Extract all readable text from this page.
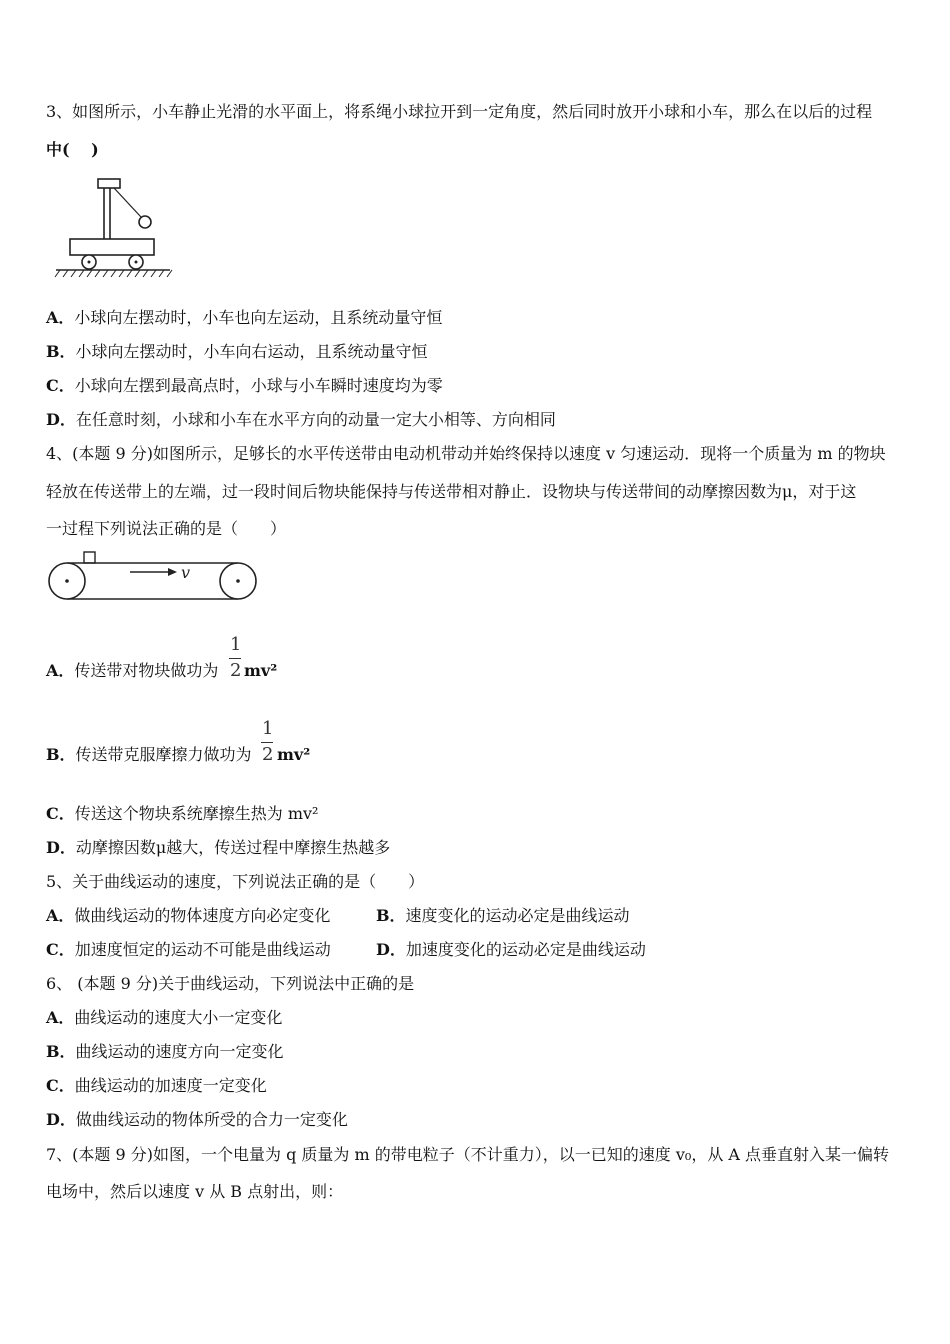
3、如图所示，小车静止光滑的水平面上，将系绳小球拉开到一定角度，然后同时放开小球和小车，那么在以后的过程
中(　 )
A．小球向左摆动时，小车也向左运动，且系统动量守恒
B．小球向左摆动时，小车向右运动，且系统动量守恒
C．小球向左摆到最高点时，小球与小车瞬时速度均为零
D．在任意时刻，小球和小车在水平方向的动量一定大小相等、方向相同
4、(本题 9 分)如图所示，足够长的水平传送带由电动机带动并始终保持以速度 v 匀速运动．现将一个质量为 m 的物块
轻放在传送带上的左端，过一段时间后物块能保持与传送带相对静止．设物块与传送带间的动摩擦因数为μ，对于这
一过程下列说法正确的是（　　）
v
A．传送带对物块做功为
1
2 mv²
B．传送带克服摩擦力做功为
1
2 mv²
C．传送这个物块系统摩擦生热为 mv²
D．动摩擦因数μ越大，传送过程中摩擦生热越多
5、关于曲线运动的速度，下列说法正确的是（　　）
A．做曲线运动的物体速度方向必定变化	B．速度变化的运动必定是曲线运动
C．加速度恒定的运动不可能是曲线运动	D．加速度变化的运动必定是曲线运动
6、 (本题 9 分)关于曲线运动，下列说法中正确的是
A．曲线运动的速度大小一定变化
B．曲线运动的速度方向一定变化
C．曲线运动的加速度一定变化
D．做曲线运动的物体所受的合力一定变化
7、(本题 9 分)如图，一个电量为 q 质量为 m 的带电粒子（不计重力），以一已知的速度 v₀，从 A 点垂直射入某一偏转
电场中，然后以速度 v 从 B 点射出，则：
